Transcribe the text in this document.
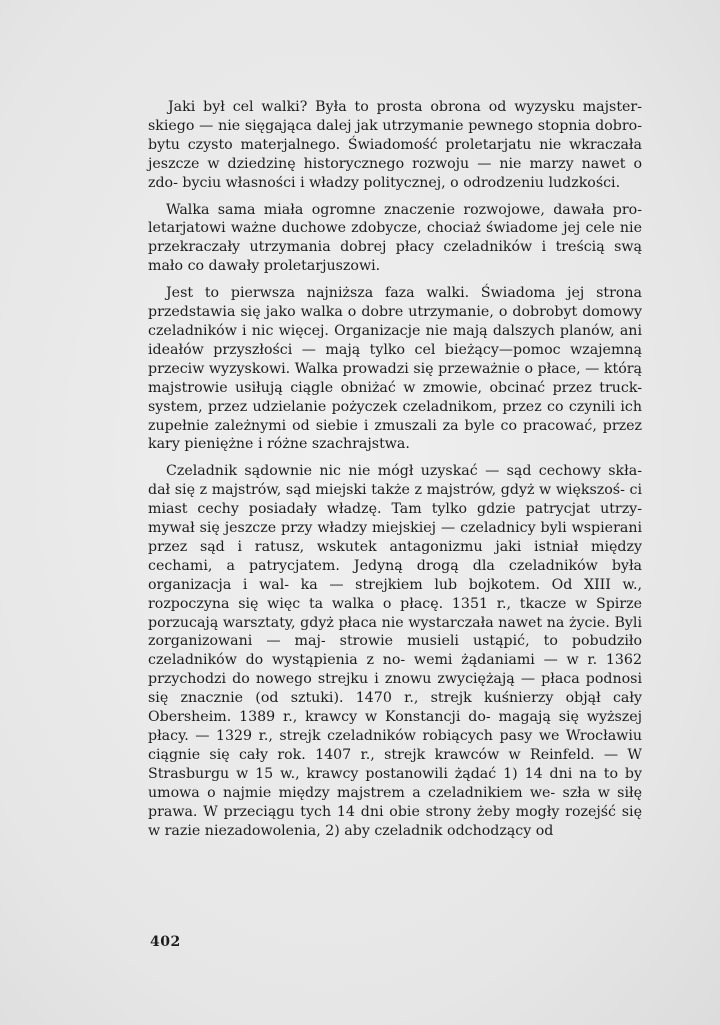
Jaki był cel walki? Była to prosta obrona od wyzysku majster- skiego — nie sięgająca dalej jak utrzymanie pewnego stopnia dobro- bytu czysto materjalnego. Świadomość proletarjatu nie wkraczała jeszcze w dziedzinę historycznego rozwoju — nie marzy nawet o zdo- byciu własności i władzy politycznej, o odrodzeniu ludzkości.

Walka sama miała ogromne znaczenie rozwojowe, dawała pro- letarjatowi ważne duchowe zdobycze, chociaż świadome jej cele nie przekraczały utrzymania dobrej płacy czeladników i treścią swą mało co dawały proletarjuszowi.

Jest to pierwsza najniższa faza walki. Świadoma jej strona przedstawia się jako walka o dobre utrzymanie, o dobrobyt domowy czeladników i nic więcej. Organizacje nie mają dalszych planów, ani ideałów przyszłości — mają tylko cel bieżący—pomoc wzajemną przeciw wyzyskowi. Walka prowadzi się przeważnie o płace, — którą majstrowie usiłują ciągle obniżać w zmowie, obcinać przez truck- system, przez udzielanie pożyczek czeladnikom, przez co czynili ich zupełnie zależnymi od siebie i zmuszali za byle co pracować, przez kary pieniężne i różne szachrajstwa.

Czeladnik sądownie nic nie mógł uzyskać — sąd cechowy skła- dał się z majstrów, sąd miejski także z majstrów, gdyż w większoś- ci miast cechy posiadały władzę. Tam tylko gdzie patrycjat utrzy- mywał się jeszcze przy władzy miejskiej — czeladnicy byli wspierani przez sąd i ratusz, wskutek antagonizmu jaki istniał między cechami, a patrycjatem. Jedyną drogą dla czeladników była organizacja i wal- ka — strejkiem lub bojkotem. Od XIII w., rozpoczyna się więc ta walka o płacę. 1351 r., tkacze w Spirze porzucają warsztaty, gdyż płaca nie wystarczała nawet na życie. Byli zorganizowani — maj- strowie musieli ustąpić, to pobudziło czeladników do wystąpienia z no- wemi żądaniami — w r. 1362 przychodzi do nowego strejku i znowu zwyciężają — płaca podnosi się znacznie (od sztuki). 1470 r., strejk kuśnierzy objął cały Obersheim. 1389 r., krawcy w Konstancji do- magają się wyższej płacy. — 1329 r., strejk czeladników robiących pasy we Wrocławiu ciągnie się cały rok. 1407 r., strejk krawców w Reinfeld. — W Strasburgu w 15 w., krawcy postanowili żądać 1) 14 dni na to by umowa o najmie między majstrem a czeladnikiem we- szła w siłę prawa. W przeciągu tych 14 dni obie strony żeby mogły rozejść się w razie niezadowolenia, 2) aby czeladnik odchodzący od

402
